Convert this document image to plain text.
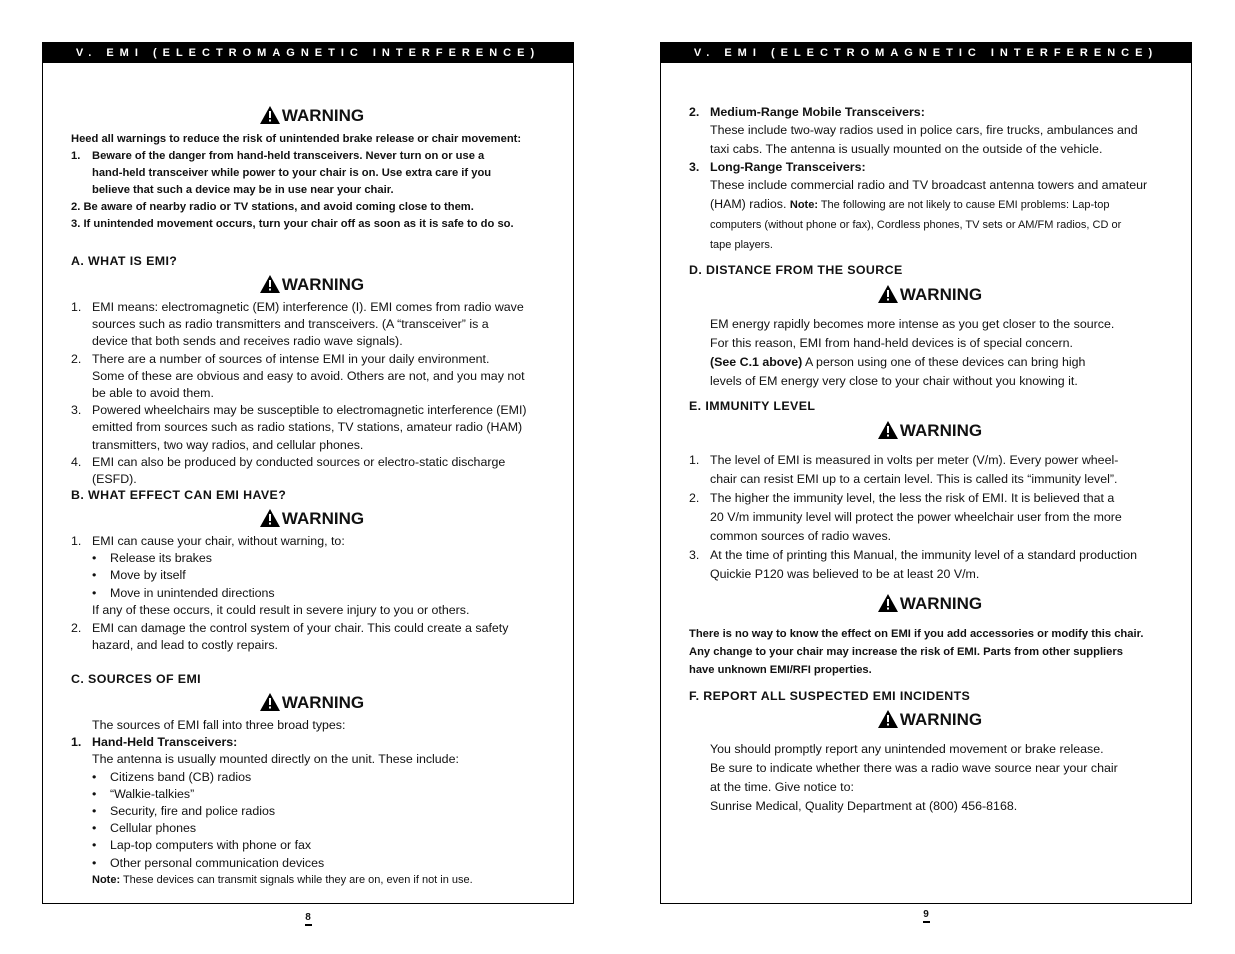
V. EMI (ELECTROMAGNETIC INTERFERENCE)

WARNING

Heed all warnings to reduce the risk of unintended brake release or chair movement:
1. Beware of the danger from hand-held transceivers. Never turn on or use a
hand-held transceiver while power to your chair is on. Use extra care if you
believe that such a device may be in use near your chair.
2. Be aware of nearby radio or TV stations, and avoid coming close to them.
3. If unintended movement occurs, turn your chair off as soon as it is safe to do so.
A. WHAT IS EMI?

WARNING

1. EMI means: electromagnetic (EM) interference (I). EMI comes from radio wave
sources such as radio transmitters and transceivers. (A “transceiver” is a
device that both sends and receives radio wave signals).
2. There are a number of sources of intense EMI in your daily environment.
Some of these are obvious and easy to avoid. Others are not, and you may not
be able to avoid them.
3. Powered wheelchairs may be susceptible to electromagnetic interference (EMI)
emitted from sources such as radio stations, TV stations, amateur radio (HAM)
transmitters, two way radios, and cellular phones.
4. EMI can also be produced by conducted sources or electro-static discharge (ESFD).
B. WHAT EFFECT CAN EMI HAVE?

WARNING

1. EMI can cause your chair, without warning, to:
• Release its brakes
• Move by itself
• Move in unintended directions
If any of these occurs, it could result in severe injury to you or others.
2. EMI can damage the control system of your chair. This could create a safety
hazard, and lead to costly repairs.
C. SOURCES OF EMI

WARNING

The sources of EMI fall into three broad types:
1. Hand-Held Transceivers:
The antenna is usually mounted directly on the unit. These include:
• Citizens band (CB) radios
• “Walkie-talkies”
• Security, fire and police radios
• Cellular phones
• Lap-top computers with phone or fax
• Other personal communication devices
Note: These devices can transmit signals while they are on, even if not in use.
8
V. EMI (ELECTROMAGNETIC INTERFERENCE)
2. Medium-Range Mobile Transceivers:
These include two-way radios used in police cars, fire trucks, ambulances and
taxi cabs. The antenna is usually mounted on the outside of the vehicle.
3. Long-Range Transceivers:
These include commercial radio and TV broadcast antenna towers and amateur
(HAM) radios. Note: The following are not likely to cause EMI problems: Lap-top
computers (without phone or fax), Cordless phones, TV sets or AM/FM radios, CD or
tape players.
D. DISTANCE FROM THE SOURCE

WARNING

EM energy rapidly becomes more intense as you get closer to the source.
For this reason, EMI from hand-held devices is of special concern.
(See C.1 above) A person using one of these devices can bring high
levels of EM energy very close to your chair without you knowing it.
E. IMMUNITY LEVEL

WARNING

1. The level of EMI is measured in volts per meter (V/m). Every power wheel-
chair can resist EMI up to a certain level. This is called its “immunity level”.
2. The higher the immunity level, the less the risk of EMI. It is believed that a
20 V/m immunity level will protect the power wheelchair user from the more
common sources of radio waves.
3. At the time of printing this Manual, the immunity level of a standard production
Quickie P120 was believed to be at least 20 V/m.

WARNING

There is no way to know the effect on EMI if you add accessories or modify this chair.
Any change to your chair may increase the risk of EMI. Parts from other suppliers
have unknown EMI/RFI properties.
F. REPORT ALL SUSPECTED EMI INCIDENTS

WARNING

You should promptly report any unintended movement or brake release.
Be sure to indicate whether there was a radio wave source near your chair
at the time. Give notice to:
Sunrise Medical, Quality Department at (800) 456-8168.
9
